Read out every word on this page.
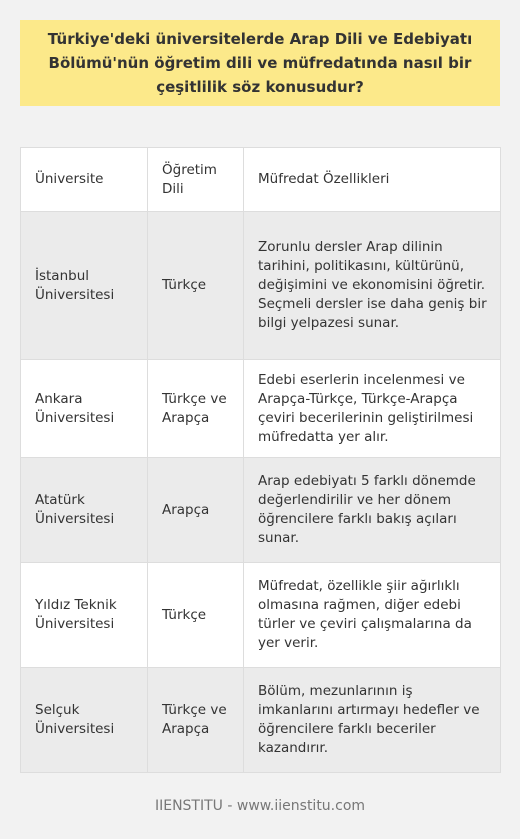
Türkiye'deki üniversitelerde Arap Dili ve Edebiyatı Bölümü'nün öğretim dili ve müfredatında nasıl bir çeşitlilik söz konusudur?
Üniversite	Öğretim Dili	Müfredat Özellikleri
İstanbul Üniversitesi	Türkçe	Zorunlu dersler Arap dilinin tarihini, politikasını, kültürünü, değişimini ve ekonomisini öğretir. Seçmeli dersler ise daha geniş bir bilgi yelpazesi sunar.
Ankara Üniversitesi	Türkçe ve Arapça	Edebi eserlerin incelenmesi ve Arapça-Türkçe, Türkçe-Arapça çeviri becerilerinin geliştirilmesi müfredatta yer alır.
Atatürk Üniversitesi	Arapça	Arap edebiyatı 5 farklı dönemde değerlendirilir ve her dönem öğrencilere farklı bakış açıları sunar.
Yıldız Teknik Üniversitesi	Türkçe	Müfredat, özellikle şiir ağırlıklı olmasına rağmen, diğer edebi türler ve çeviri çalışmalarına da yer verir.
Selçuk Üniversitesi	Türkçe ve Arapça	Bölüm, mezunlarının iş imkanlarını artırmayı hedefler ve öğrencilere farklı beceriler kazandırır.
IIENSTITU - www.iienstitu.com
